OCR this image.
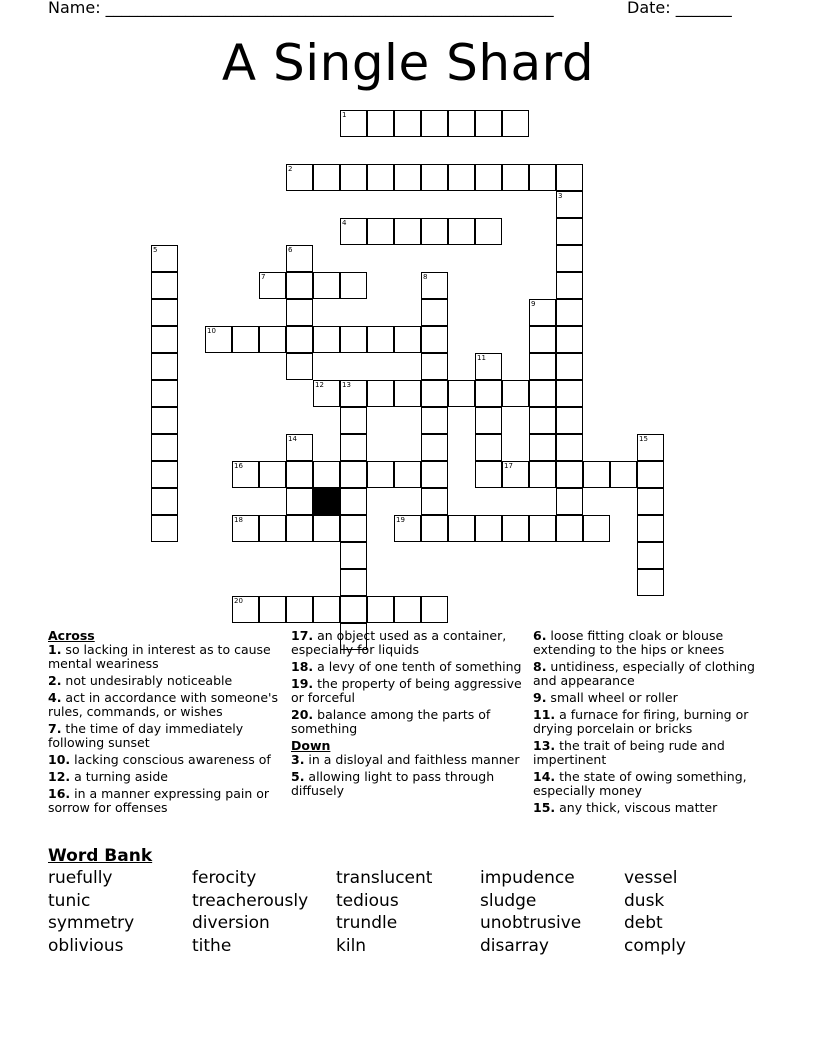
Name: ________________________________________________________	Date: _______
A Single Shard
1
2
3
4
5	6
7	8
9
10
11
12	13
14	15
16	17
18	19
20
Across
1. so lacking in interest as to cause mental weariness
2. not undesirably noticeable
4. act in accordance with someone's rules, commands, or wishes
7. the time of day immediately following sunset
10. lacking conscious awareness of
12. a turning aside
16. in a manner expressing pain or sorrow for offenses
17. an object used as a container, especially for liquids
18. a levy of one tenth of something
19. the property of being aggressive or forceful
20. balance among the parts of something
Down
3. in a disloyal and faithless manner
5. allowing light to pass through diffusely
6. loose fitting cloak or blouse extending to the hips or knees
8. untidiness, especially of clothing and appearance
9. small wheel or roller
11. a furnace for firing, burning or drying porcelain or bricks
13. the trait of being rude and impertinent
14. the state of owing something, especially money
15. any thick, viscous matter
Word Bank
ruefully	ferocity	translucent	impudence	vessel
tunic	treacherously	tedious	sludge	dusk
symmetry	diversion	trundle	unobtrusive	debt
oblivious	tithe	kiln	disarray	comply
